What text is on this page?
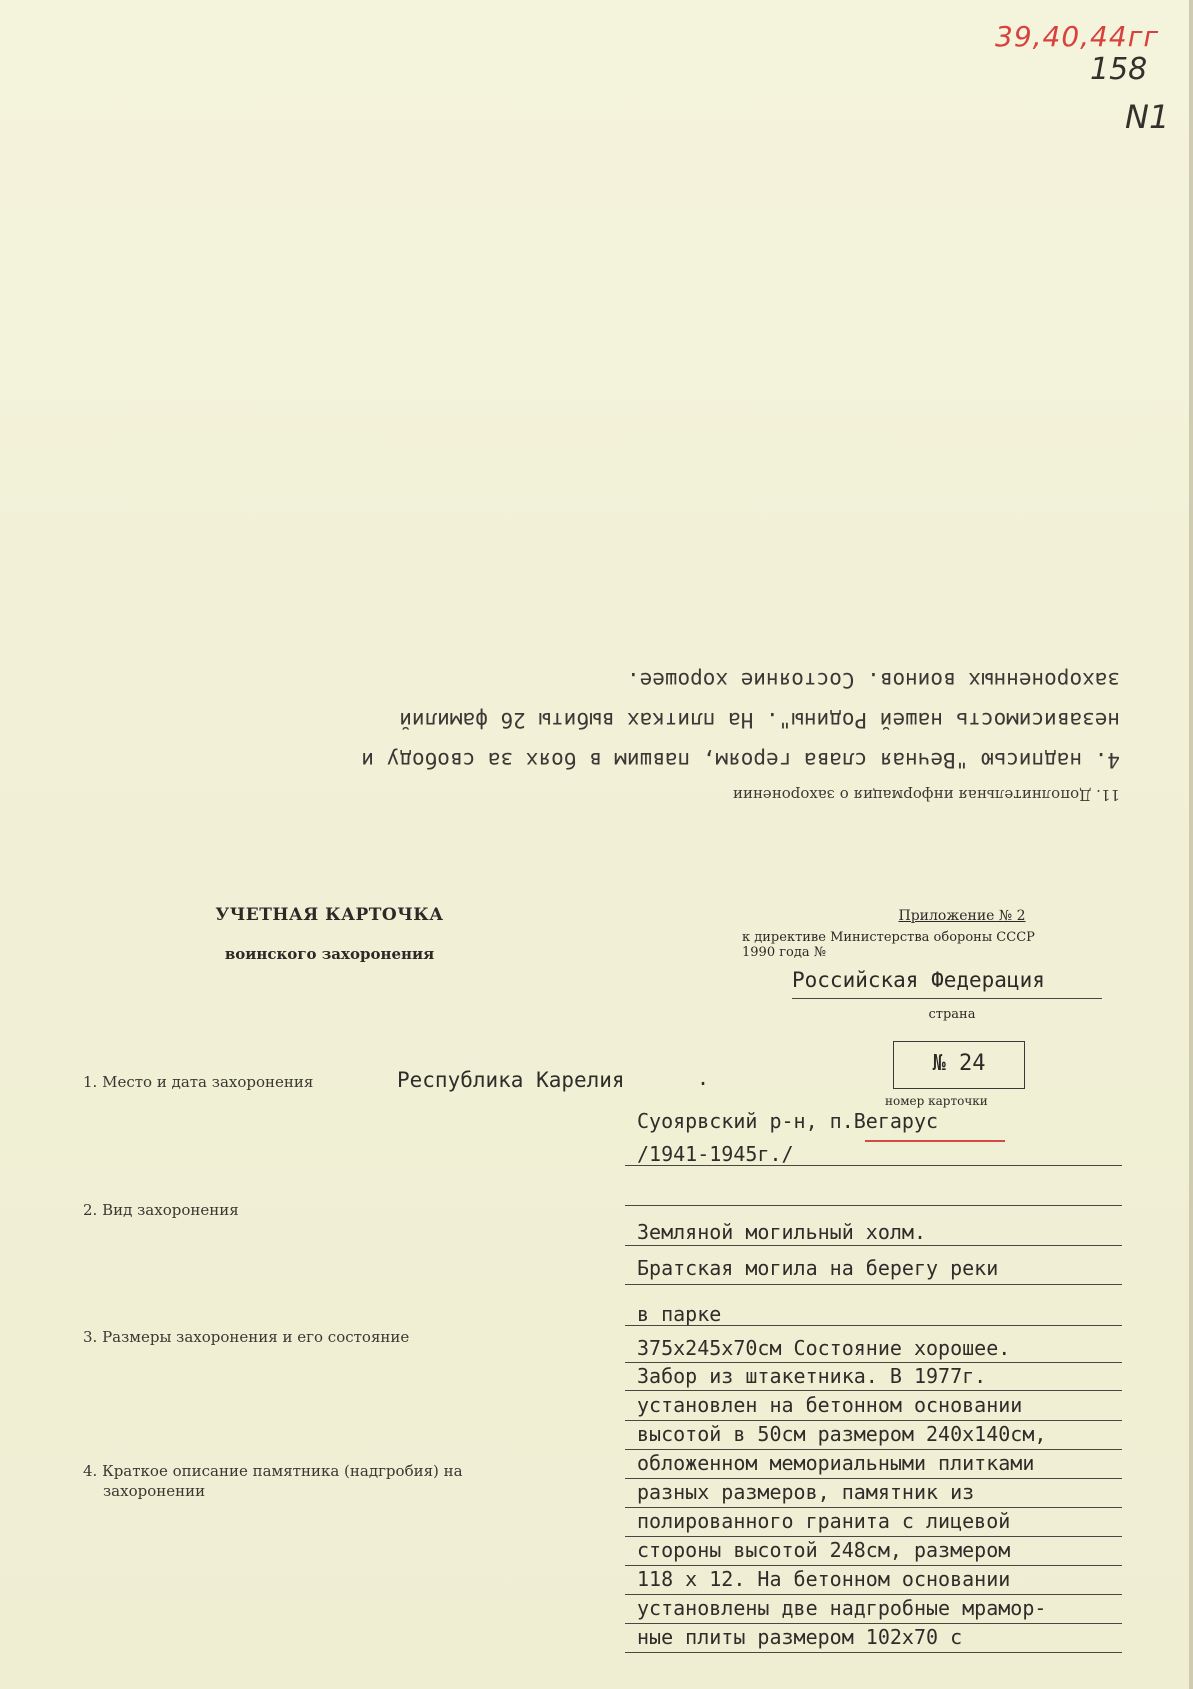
39,40,44гг
158
N1
11. Дополнительная информация о захоронении
4. надписью "Вечная слава героям, павшим в боях за свободу и
независимость нашей Родины". На плитках выбиты 26 фамилий
захороненных воинов. Состояние хорошее.
УЧЕТНАЯ КАРТОЧКА
воинского захоронения
Приложение № 2
к директиве Министерства обороны СССР
1990 года №
Российская Федерация
страна
№ 24
номер карточки
1. Место и дата захоронения	Республика Карелия	.
Суоярвский р-н, п.Вегарус
/1941-1945г./
2. Вид захоронения
Земляной могильный холм.
Братская могила на берегу реки
в парке
3. Размеры захоронения и его состояние	375х245х70см Состояние хорошее.
4. Краткое описание памятника (надгробия) на
захоронении
Забор из штакетника. В 1977г.
установлен на бетонном основании
высотой в 50см размером 240х140см,
обложенном мемориальными плитками
разных размеров, памятник из
полированного гранита с лицевой
стороны высотой 248см, размером
118 х 12. На бетонном основании
установлены две надгробные мрамор-
ные плиты размером 102х70 с
